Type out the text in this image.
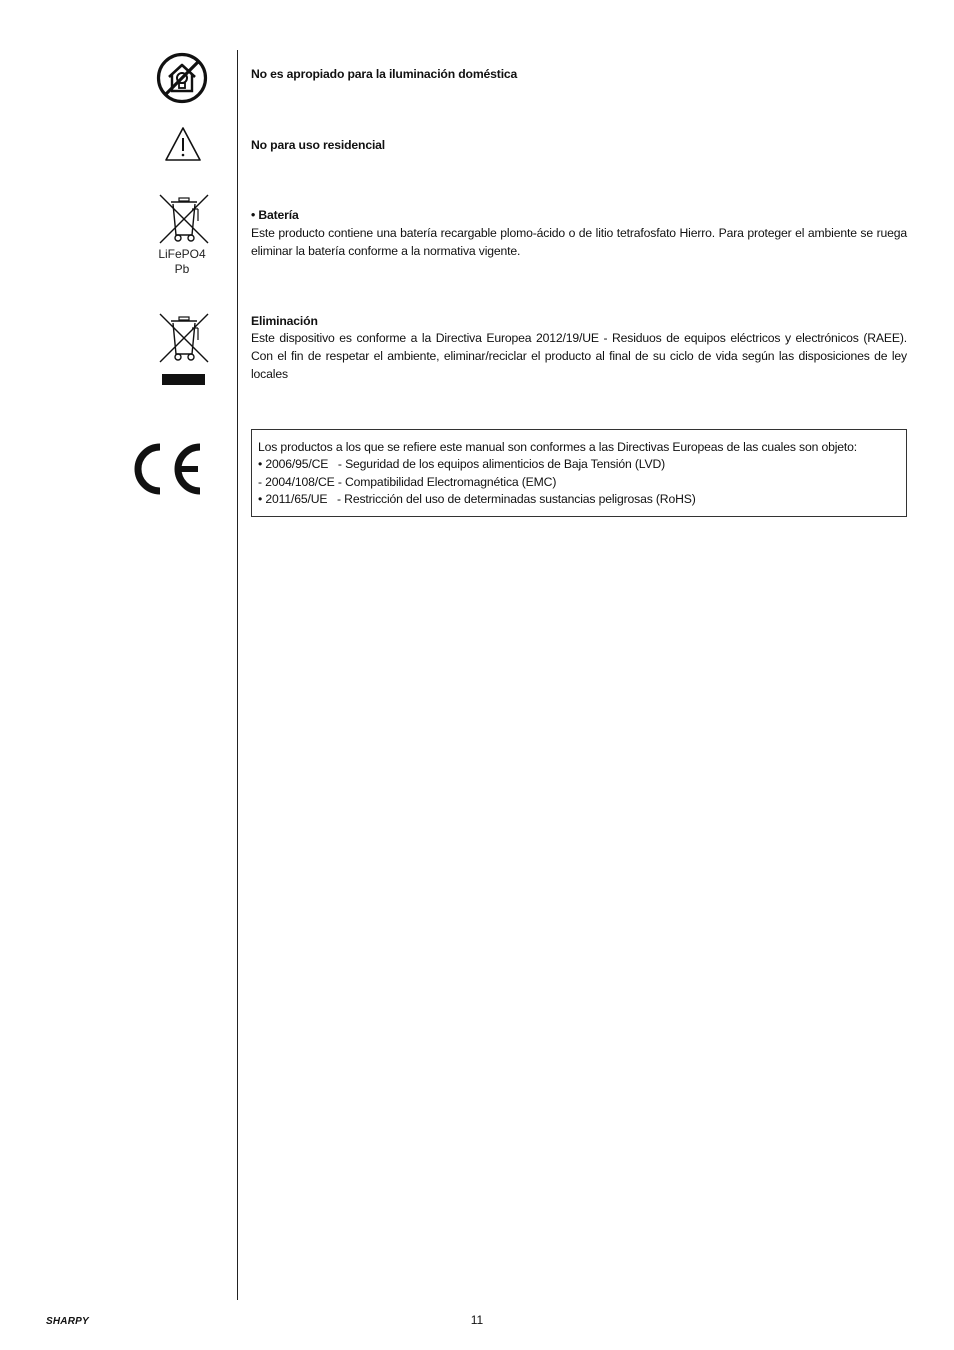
No es apropiado para la iluminación doméstica
No para uso residencial
LiFePO4
Pb
• Batería
Este producto contiene una batería recargable plomo-ácido o de litio tetrafosfato Hierro. Para proteger el ambiente se ruega eliminar la batería conforme a la normativa vigente.
Eliminación
Este dispositivo es conforme a la Directiva Europea 2012/19/UE - Residuos de equipos eléctricos y electrónicos (RAEE). Con el fin de respetar el ambiente, eliminar/reciclar el producto al final de su ciclo de vida según las disposiciones de ley locales
Los productos a los que se refiere este manual son conformes a las Directivas Europeas de las cuales son objeto:
• 2006/95/CE   - Seguridad de los equipos alimenticios de Baja Tensión (LVD)
- 2004/108/CE - Compatibilidad Electromagnética (EMC)
• 2011/65/UE   - Restricción del uso de determinadas sustancias peligrosas (RoHS)
SHARPY	11
